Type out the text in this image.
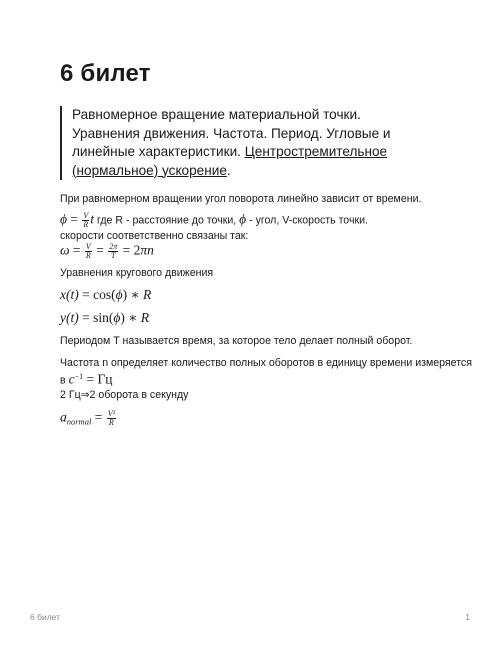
6 билет
Равномерное вращение материальной точки. Уравнения движения. Частота. Период. Угловые и линейные характеристики. Центростремительное (нормальное) ускорение.

При равномерном вращении угол поворота линейно зависит от времени.

$\phi = \frac{V}{R}$ t где R - расстояние до точки, ϕ - угол, V-скорость точки.

скорости соответственно связаны так:

$\omega = \frac{V}{R} = \frac{2\pi}{T} = 2\pi n$

Уравнения кругового движения

x(t) = cos(ϕ) ∗ R

y(t) = sin(ϕ) ∗ R

Периодом T называется время, за которое тело делает полный оборот.

Частота n определяет количество полных оборотов в единицу времени измеряется

в $c^{-1}$ = Гц

2 Гц⇒2 оборота в секунду

$a_{normal} = \frac{\text{V²}}{R}$

6 билет	1
